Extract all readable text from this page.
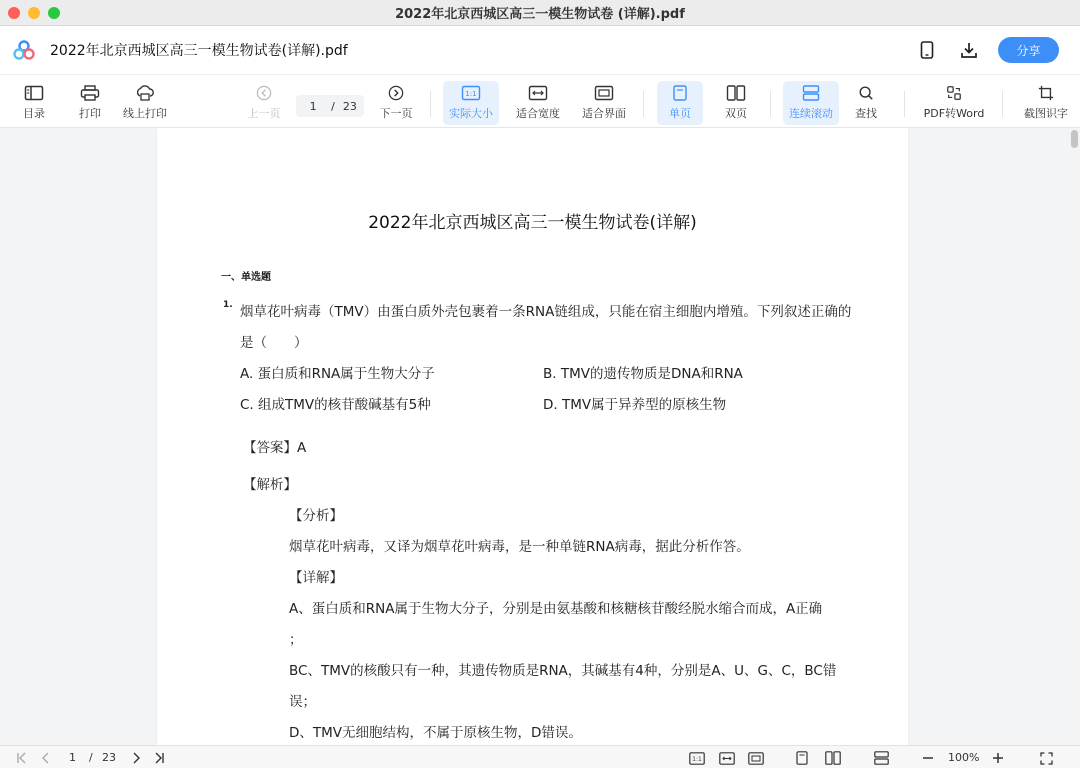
2022年北京西城区高三一模生物试卷 (详解).pdf
2022年北京西城区高三一模生物试卷(详解).pdf	分享
目录	打印 线上打印	上一页
1
/ 23
下一页
1:1
实际大小 适合宽度 适合界面	单页	双页	连续滚动 查找	PDF转Word	截图识字
2022年北京西城区高三一模生物试卷(详解)
一、单选题
1. 烟草花叶病毒（TMV）由蛋白质外壳包裹着一条RNA链组成，只能在宿主细胞内增殖。下列叙述正确的
是（　　）
A. 蛋白质和RNA属于生物大分子	B. TMV的遗传物质是DNA和RNA
C. 组成TMV的核苷酸碱基有5种	D. TMV属于异养型的原核生物
【答案】A
【解析】
【分析】
烟草花叶病毒，又译为烟草花叶病毒，是一种单链RNA病毒，据此分析作答。
【详解】
A、蛋白质和RNA属于生物大分子，分别是由氨基酸和核糖核苷酸经脱水缩合而成，A正确
；
BC、TMV的核酸只有一种，其遗传物质是RNA，其碱基有4种，分别是A、U、G、C，BC错
误；
D、TMV无细胞结构，不属于原核生物，D错误。
1 / 23	1:1	100%
